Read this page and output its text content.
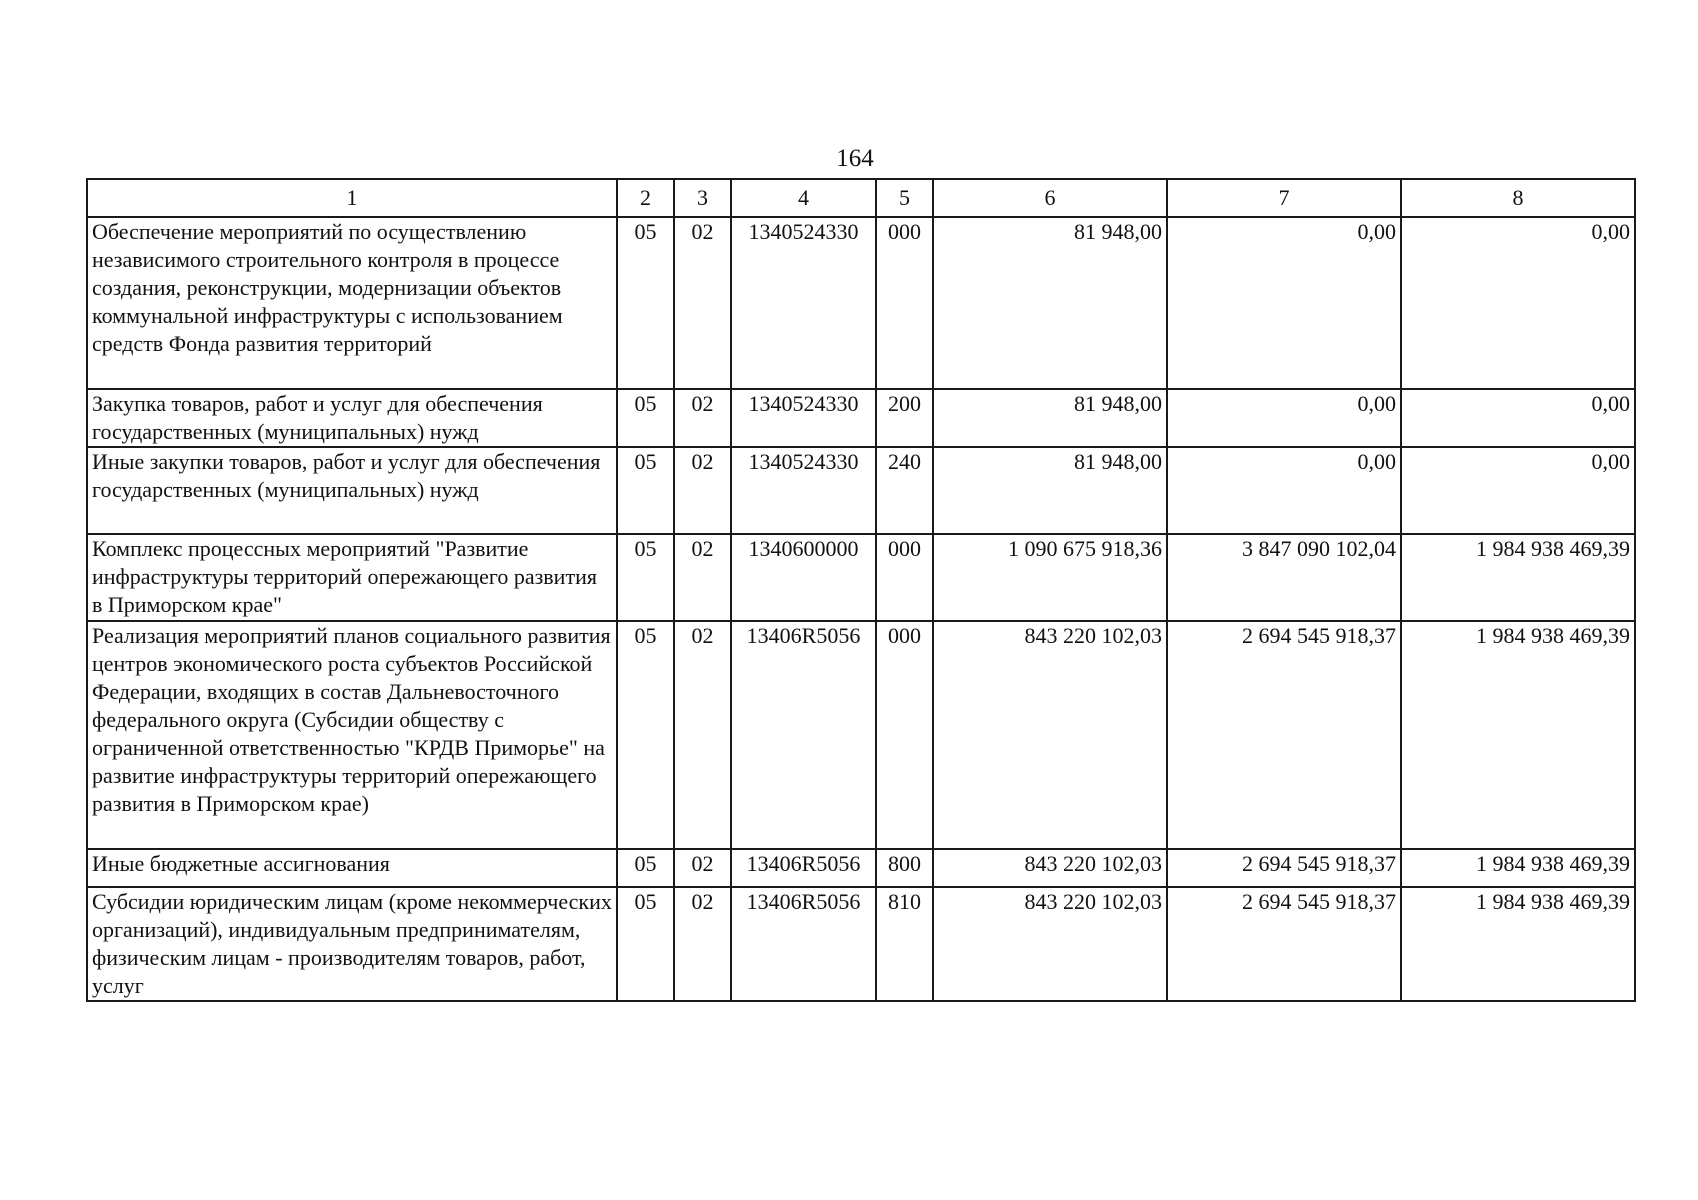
164
1	2	3	4	5	6	7	8
Обеспечение мероприятий по осуществлению независимого строительного контроля в процессе создания, реконструкции, модернизации объектов коммунальной инфраструктуры с использованием средств Фонда развития территорий	05	02	1340524330	000	81 948,00	0,00	0,00
Закупка товаров, работ и услуг для обеспечения государственных (муниципальных) нужд	05	02	1340524330	200	81 948,00	0,00	0,00
Иные закупки товаров, работ и услуг для обеспечения государственных (муниципальных) нужд	05	02	1340524330	240	81 948,00	0,00	0,00
Комплекс процессных мероприятий "Развитие инфраструктуры территорий опережающего развития в Приморском крае"	05	02	1340600000	000	1 090 675 918,36	3 847 090 102,04	1 984 938 469,39
Реализация мероприятий планов социального развития центров экономического роста субъектов Российской Федерации, входящих в состав Дальневосточного федерального округа (Субсидии обществу с ограниченной ответственностью "КРДВ Приморье" на развитие инфраструктуры территорий опережающего развития в Приморском крае)	05	02	13406R5056	000	843 220 102,03	2 694 545 918,37	1 984 938 469,39
Иные бюджетные ассигнования	05	02	13406R5056	800	843 220 102,03	2 694 545 918,37	1 984 938 469,39
Субсидии юридическим лицам (кроме некоммерческих организаций), индивидуальным предпринимателям, физическим лицам - производителям товаров, работ, услуг	05	02	13406R5056	810	843 220 102,03	2 694 545 918,37	1 984 938 469,39
